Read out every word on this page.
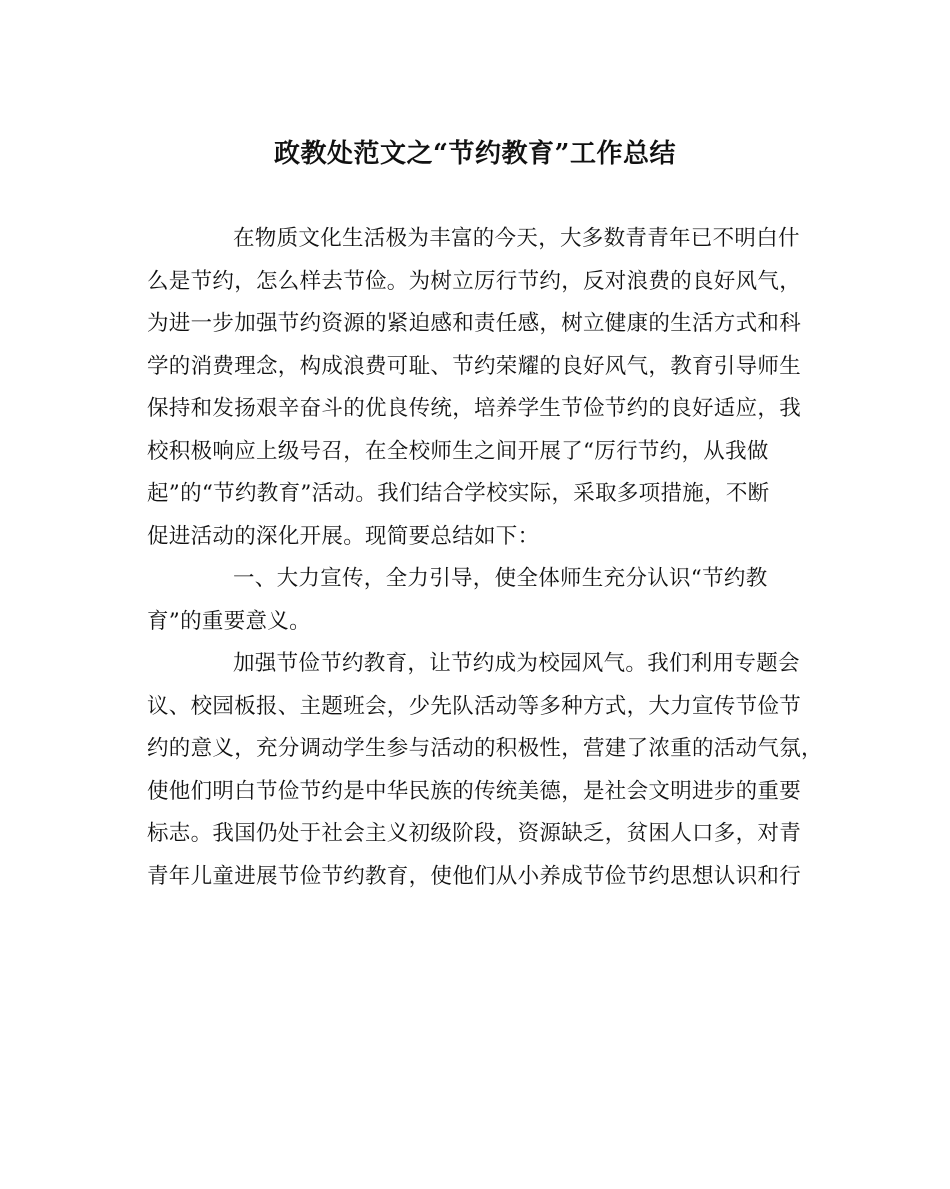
政教处范文之“节约教育”工作总结
在物质文化生活极为丰富的今天，大多数青青年已不明白什
么是节约，怎么样去节俭。为树立厉行节约，反对浪费的良好风气，
为进一步加强节约资源的紧迫感和责任感，树立健康的生活方式和科
学的消费理念，构成浪费可耻、节约荣耀的良好风气，教育引导师生
保持和发扬艰辛奋斗的优良传统，培养学生节俭节约的良好适应，我
校积极响应上级号召，在全校师生之间开展了“厉行节约，从我做
起”的“节约教育”活动。我们结合学校实际，采取多项措施，不断
促进活动的深化开展。现简要总结如下：
一、大力宣传，全力引导，使全体师生充分认识“节约教
育”的重要意义。
加强节俭节约教育，让节约成为校园风气。我们利用专题会
议、校园板报、主题班会，少先队活动等多种方式，大力宣传节俭节
约的意义，充分调动学生参与活动的积极性，营建了浓重的活动气氛，
使他们明白节俭节约是中华民族的传统美德，是社会文明进步的重要
标志。我国仍处于社会主义初级阶段，资源缺乏，贫困人口多，对青
青年儿童进展节俭节约教育，使他们从小养成节俭节约思想认识和行
